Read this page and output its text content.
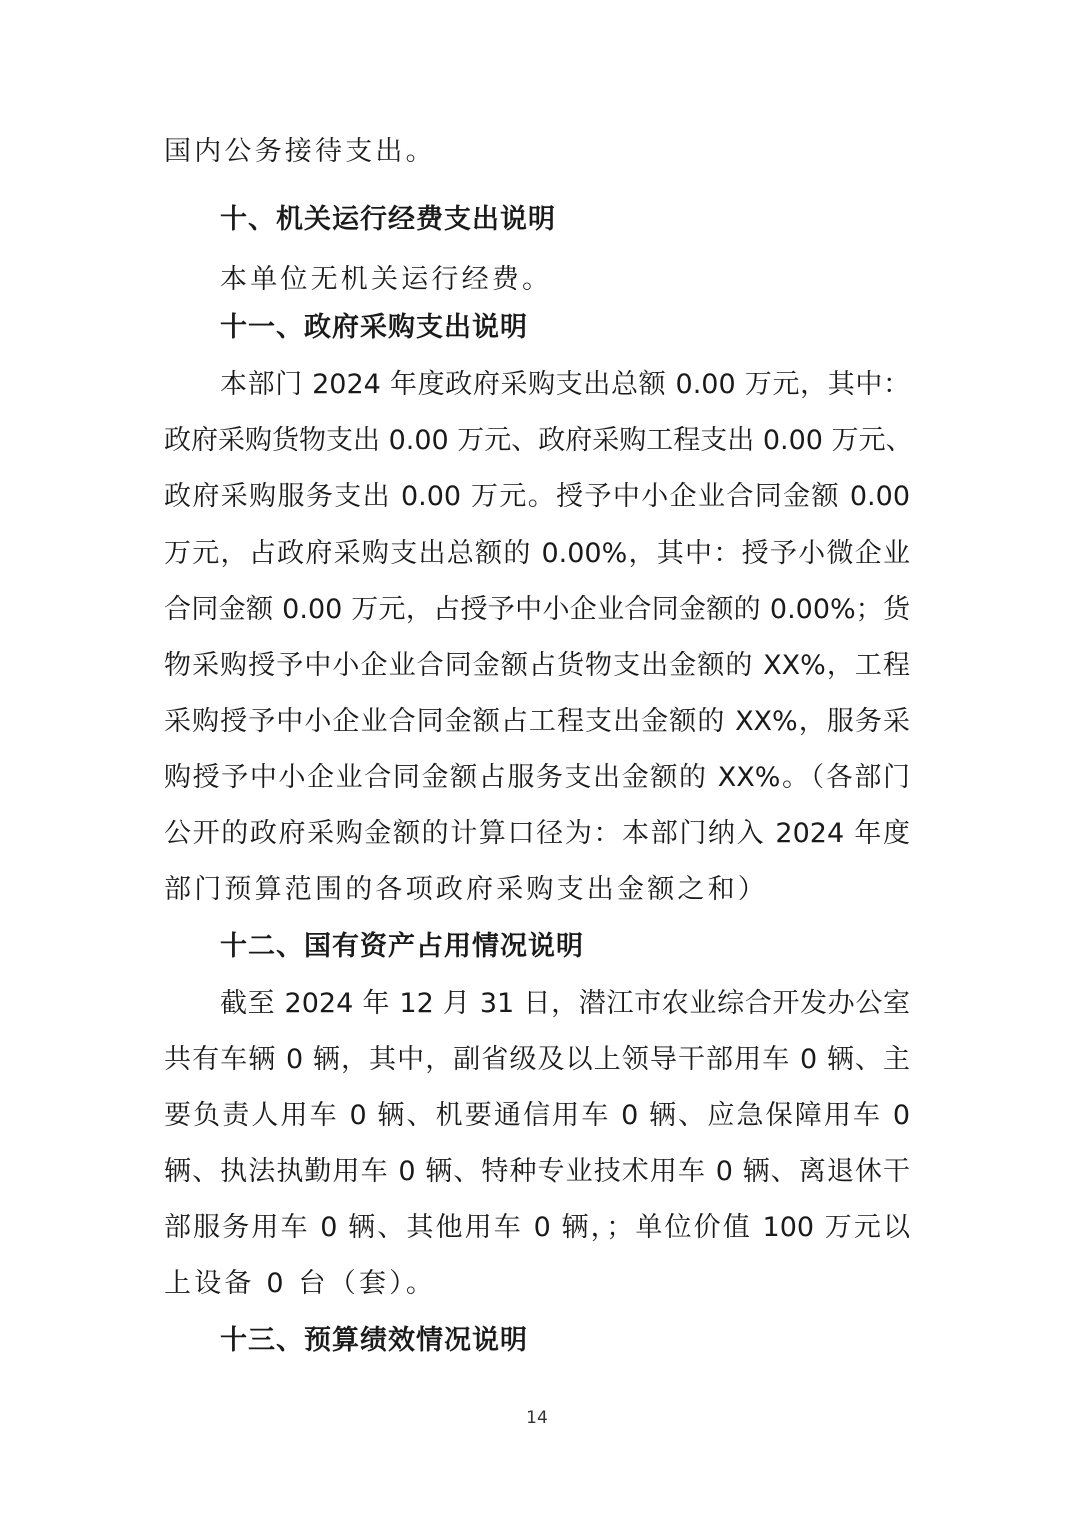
国内公务接待支出。
十、机关运行经费支出说明
本单位无机关运行经费。
十一、政府采购支出说明
本部门 2024 年度政府采购支出总额 0.00 万元，其中：
政府采购货物支出 0.00 万元、政府采购工程支出 0.00 万元、
政府采购服务支出 0.00 万元。授予中小企业合同金额 0.00
万元，占政府采购支出总额的 0.00%，其中：授予小微企业
合同金额 0.00 万元，占授予中小企业合同金额的 0.00%；货
物采购授予中小企业合同金额占货物支出金额的 XX%，工程
采购授予中小企业合同金额占工程支出金额的 XX%，服务采
购授予中小企业合同金额占服务支出金额的 XX%。（各部门
公开的政府采购金额的计算口径为：本部门纳入 2024 年度
部门预算范围的各项政府采购支出金额之和）
十二、国有资产占用情况说明
截至 2024 年 12 月 31 日，潜江市农业综合开发办公室
共有车辆 0 辆，其中，副省级及以上领导干部用车 0 辆、主
要负责人用车 0 辆、机要通信用车 0 辆、应急保障用车 0
辆、执法执勤用车 0 辆、特种专业技术用车 0 辆、离退休干
部服务用车 0 辆、其他用车 0 辆，；单位价值 100 万元以
上设备 0 台（套）。
十三、预算绩效情况说明
14
